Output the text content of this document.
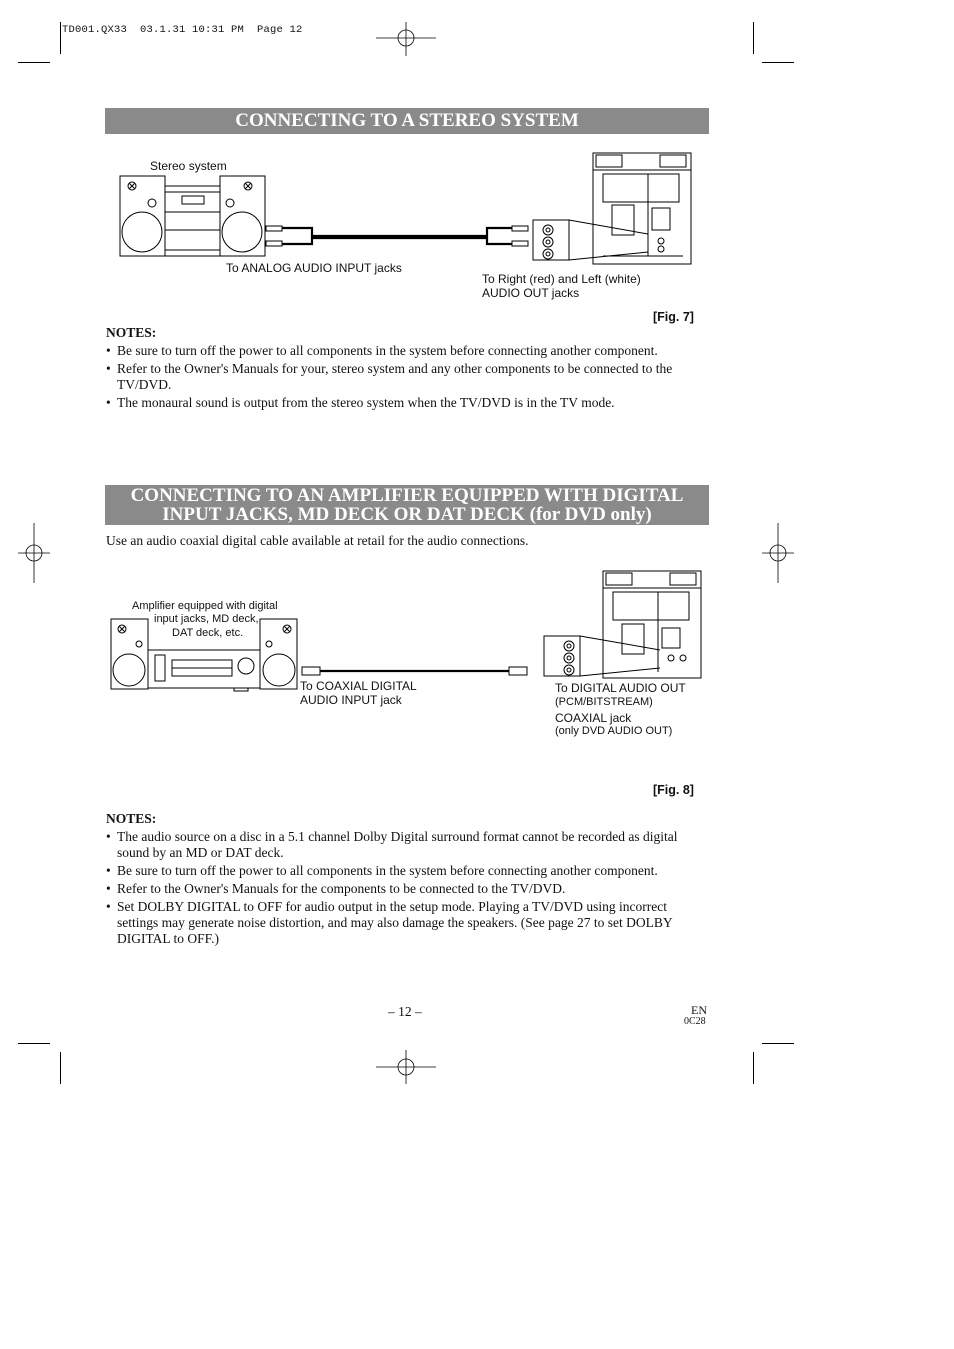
TD001.QX33  03.1.31 10:31 PM  Page 12
CONNECTING TO A STEREO SYSTEM
Stereo system
To ANALOG AUDIO INPUT jacks
To Right (red) and Left (white)
AUDIO OUT jacks
[Fig. 7]
NOTES:
• Be sure to turn off the power to all components in the system before connecting another component.
• Refer to the Owner's Manuals for your, stereo system and any other components to be connected to the TV/DVD.
• The monaural sound is output from the stereo system when the TV/DVD is in the TV mode.
CONNECTING TO AN AMPLIFIER EQUIPPED WITH DIGITAL
INPUT JACKS, MD DECK OR DAT DECK (for DVD only)
Use an audio coaxial digital cable available at retail for the audio connections.
Amplifier equipped with digital
input jacks, MD deck,
DAT deck, etc.
To COAXIAL DIGITAL
AUDIO INPUT jack
To DIGITAL AUDIO OUT
(PCM/BITSTREAM)
COAXIAL jack
(only DVD AUDIO OUT)
[Fig. 8]
NOTES:
• The audio source on a disc in a 5.1 channel Dolby Digital surround format cannot be recorded as digital sound by an MD or DAT deck.
• Be sure to turn off the power to all components in the system before connecting another component.
• Refer to the Owner's Manuals for the components to be connected to the TV/DVD.
• Set DOLBY DIGITAL to OFF for audio output in the setup mode. Playing a TV/DVD using incorrect settings may generate noise distortion, and may also damage the speakers. (See page 27 to set DOLBY DIGITAL to OFF.)
– 12 –	EN
0C28
